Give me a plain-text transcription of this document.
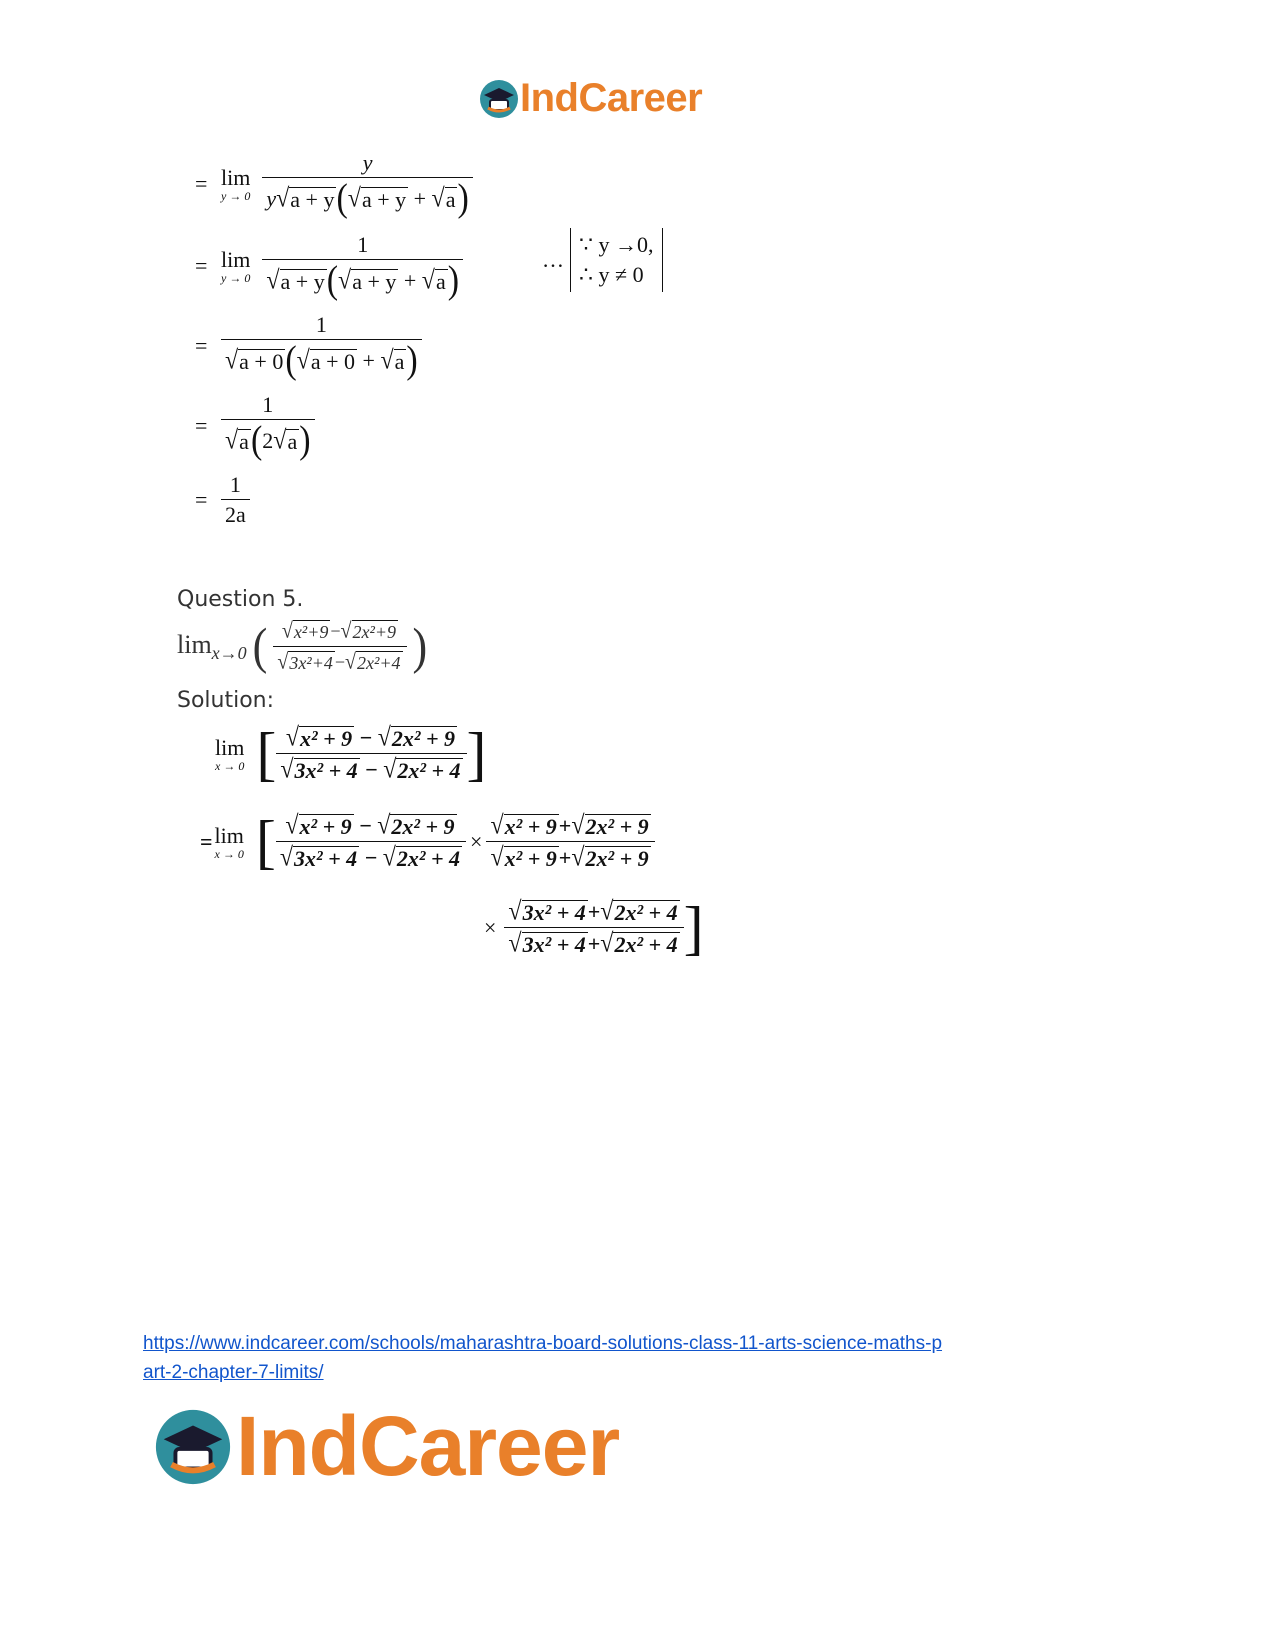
IndCareer
= lim
y → 0
y
y √ a + y ( √ a + y + √ a )
= lim
$y \to 0 \frac{1}{√ a + y ( √ a + y + √ a )}$	…
∵ y →0,
∴ y ≠ 0
= $\frac{1}{√ a + 0 ( √ a + 0 + √ a )}$
= $\frac{1}{√ a ( 2 √ a )}$
= $\frac{1}{2a}$
Question 5.
$\lim_{x\to 0}$ ( $\frac{\text{√ x²+9 − √ 2x²+9}}{\text{√ 3x²+4 − √ 2x²+4}}$ )
Solution:
lim
x → 0 [ √ x² + 9
−
√ 2x² + 9
√ 3x² + 4
−
√ 2x² + 4 ]
= lim
x → 0 [ √ x² + 9
−
√ 2x² + 9
√ 3x² + 4
−
√ $2x^2 + 4 \times \frac{\text{√ x² + 9 + √ 2x² + 9}}{\text{√ x² + 9 + √ 2x² + 9}}$
× $\frac{\text{√ 3x² + 4 + √ 2x² + 4}}{\text{√ 3x² + 4 + √ 2x² + 4}}$ ]
https://www.indcareer.com/schools/maharashtra-board-solutions-class-11-arts-science-maths-p
art-2-chapter-7-limits/
IndCareer
